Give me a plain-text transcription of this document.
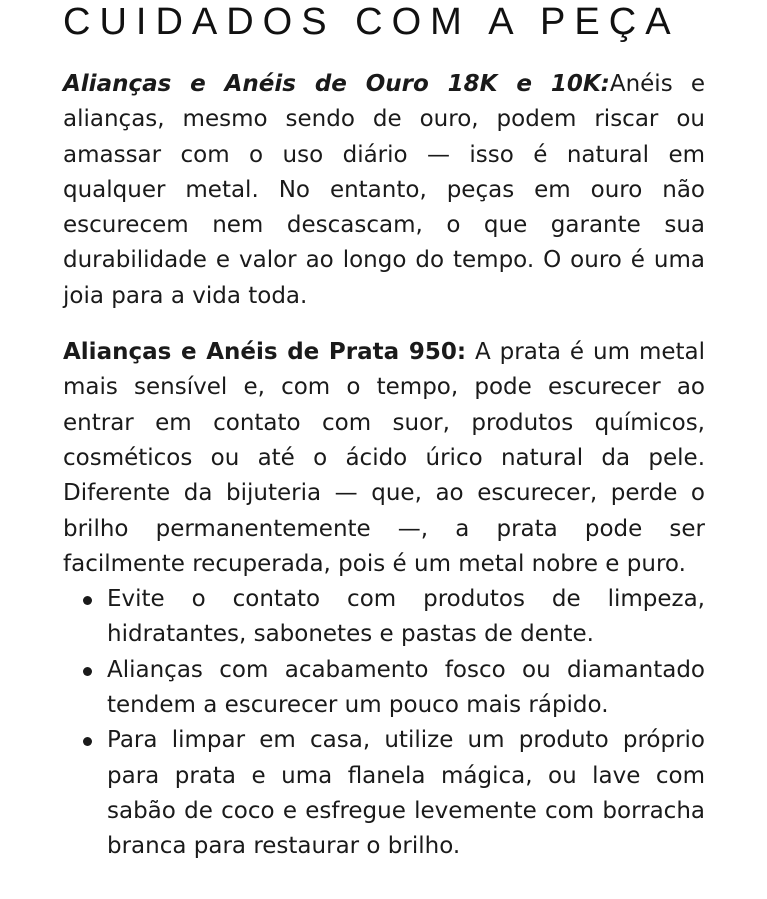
CUIDADOS COM A PEÇA

Alianças e Anéis de Ouro 18K e 10K:Anéis e alianças, mesmo sendo de ouro, podem riscar ou amassar com o uso diário — isso é natural em qualquer metal. No entanto, peças em ouro não escurecem nem descascam, o que garante sua durabilidade e valor ao longo do tempo. O ouro é uma joia para a vida toda.

Alianças e Anéis de Prata 950: A prata é um metal mais sensível e, com o tempo, pode escurecer ao entrar em contato com suor, produtos químicos, cosméticos ou até o ácido úrico natural da pele. Diferente da bijuteria — que, ao escurecer, perde o brilho permanentemente —, a prata pode ser facilmente recuperada, pois é um metal nobre e puro.

Evite o contato com produtos de limpeza, hidratantes, sabonetes e pastas de dente.
Alianças com acabamento fosco ou diamantado tendem a escurecer um pouco mais rápido.
Para limpar em casa, utilize um produto próprio para prata e uma flanela mágica, ou lave com sabão de coco e esfregue levemente com borracha branca para restaurar o brilho.
